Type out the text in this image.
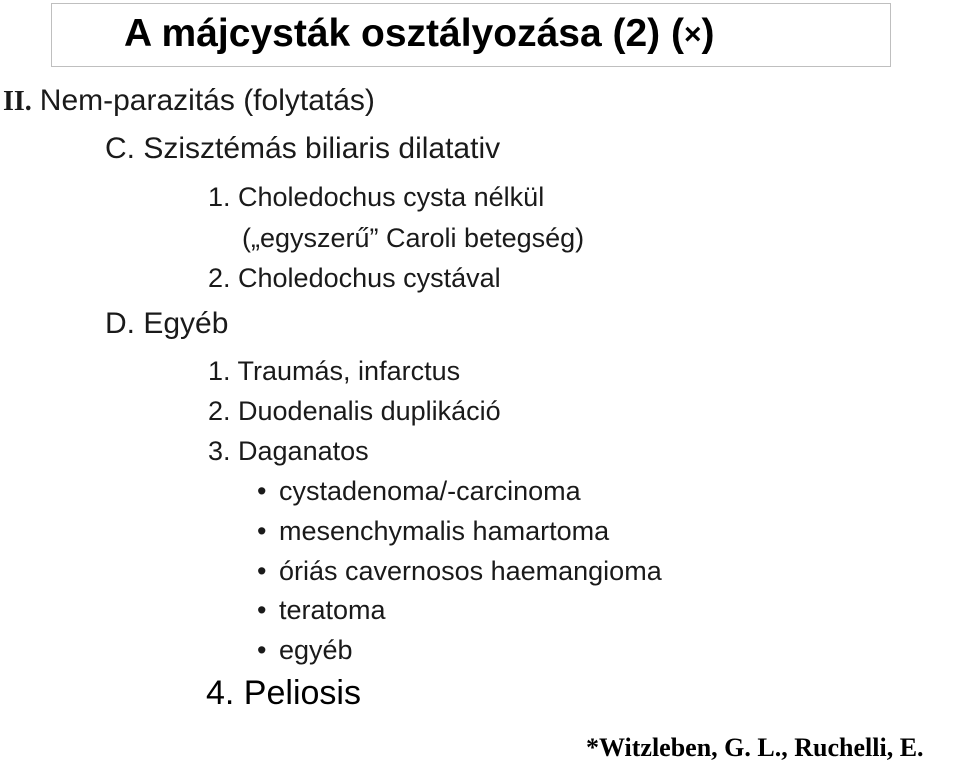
A májcysták osztályozása (2) (×)
II. Nem-parazitás (folytatás)
C. Szisztémás biliaris dilatativ
1. Choledochus cysta nélkül
(„egyszerű” Caroli betegség)
2. Choledochus cystával
D. Egyéb
1. Traumás, infarctus
2. Duodenalis duplikáció
3. Daganatos
• cystadenoma/-carcinoma
• mesenchymalis hamartoma
• óriás cavernosos haemangioma
• teratoma
• egyéb
4. Peliosis
*Witzleben, G. L., Ruchelli, E.
